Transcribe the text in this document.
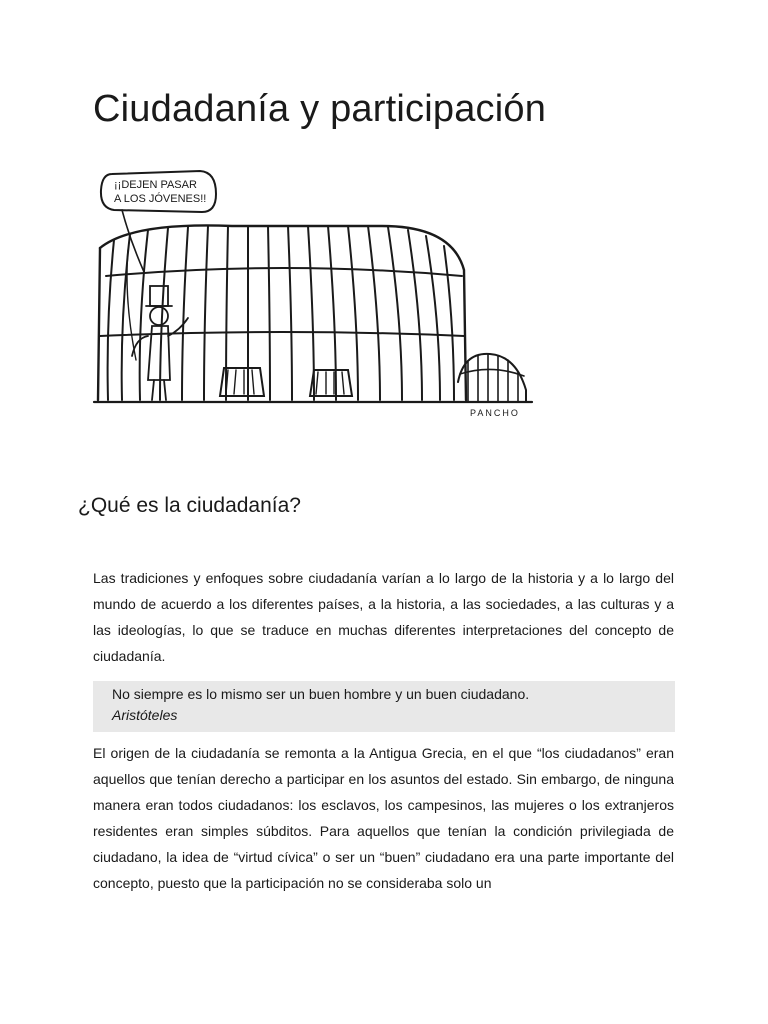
Ciudadanía y participación
¡¡DEJEN PASAR
A LOS JÓVENES!!
PANCHO
¿Qué es la ciudadanía?

Las tradiciones y enfoques sobre ciudadanía varían a lo largo de la historia y a lo largo del mundo de acuerdo a los diferentes países, a la historia, a las sociedades, a las culturas y a las ideologías, lo que se traduce en muchas diferentes interpretaciones del concepto de ciudadanía.

No siempre es lo mismo ser un buen hombre y un buen ciudadano.
Aristóteles

El origen de la ciudadanía se remonta a la Antigua Grecia, en el que “los ciudadanos” eran aquellos que tenían derecho a participar en los asuntos del estado. Sin embargo, de ninguna manera eran todos ciudadanos: los esclavos, los campesinos, las mujeres o los extranjeros residentes eran simples súbditos. Para aquellos que tenían la condición privilegiada de ciudadano, la idea de “virtud cívica” o ser un “buen” ciudadano era una parte importante del concepto, puesto que la participación no se consideraba solo un
